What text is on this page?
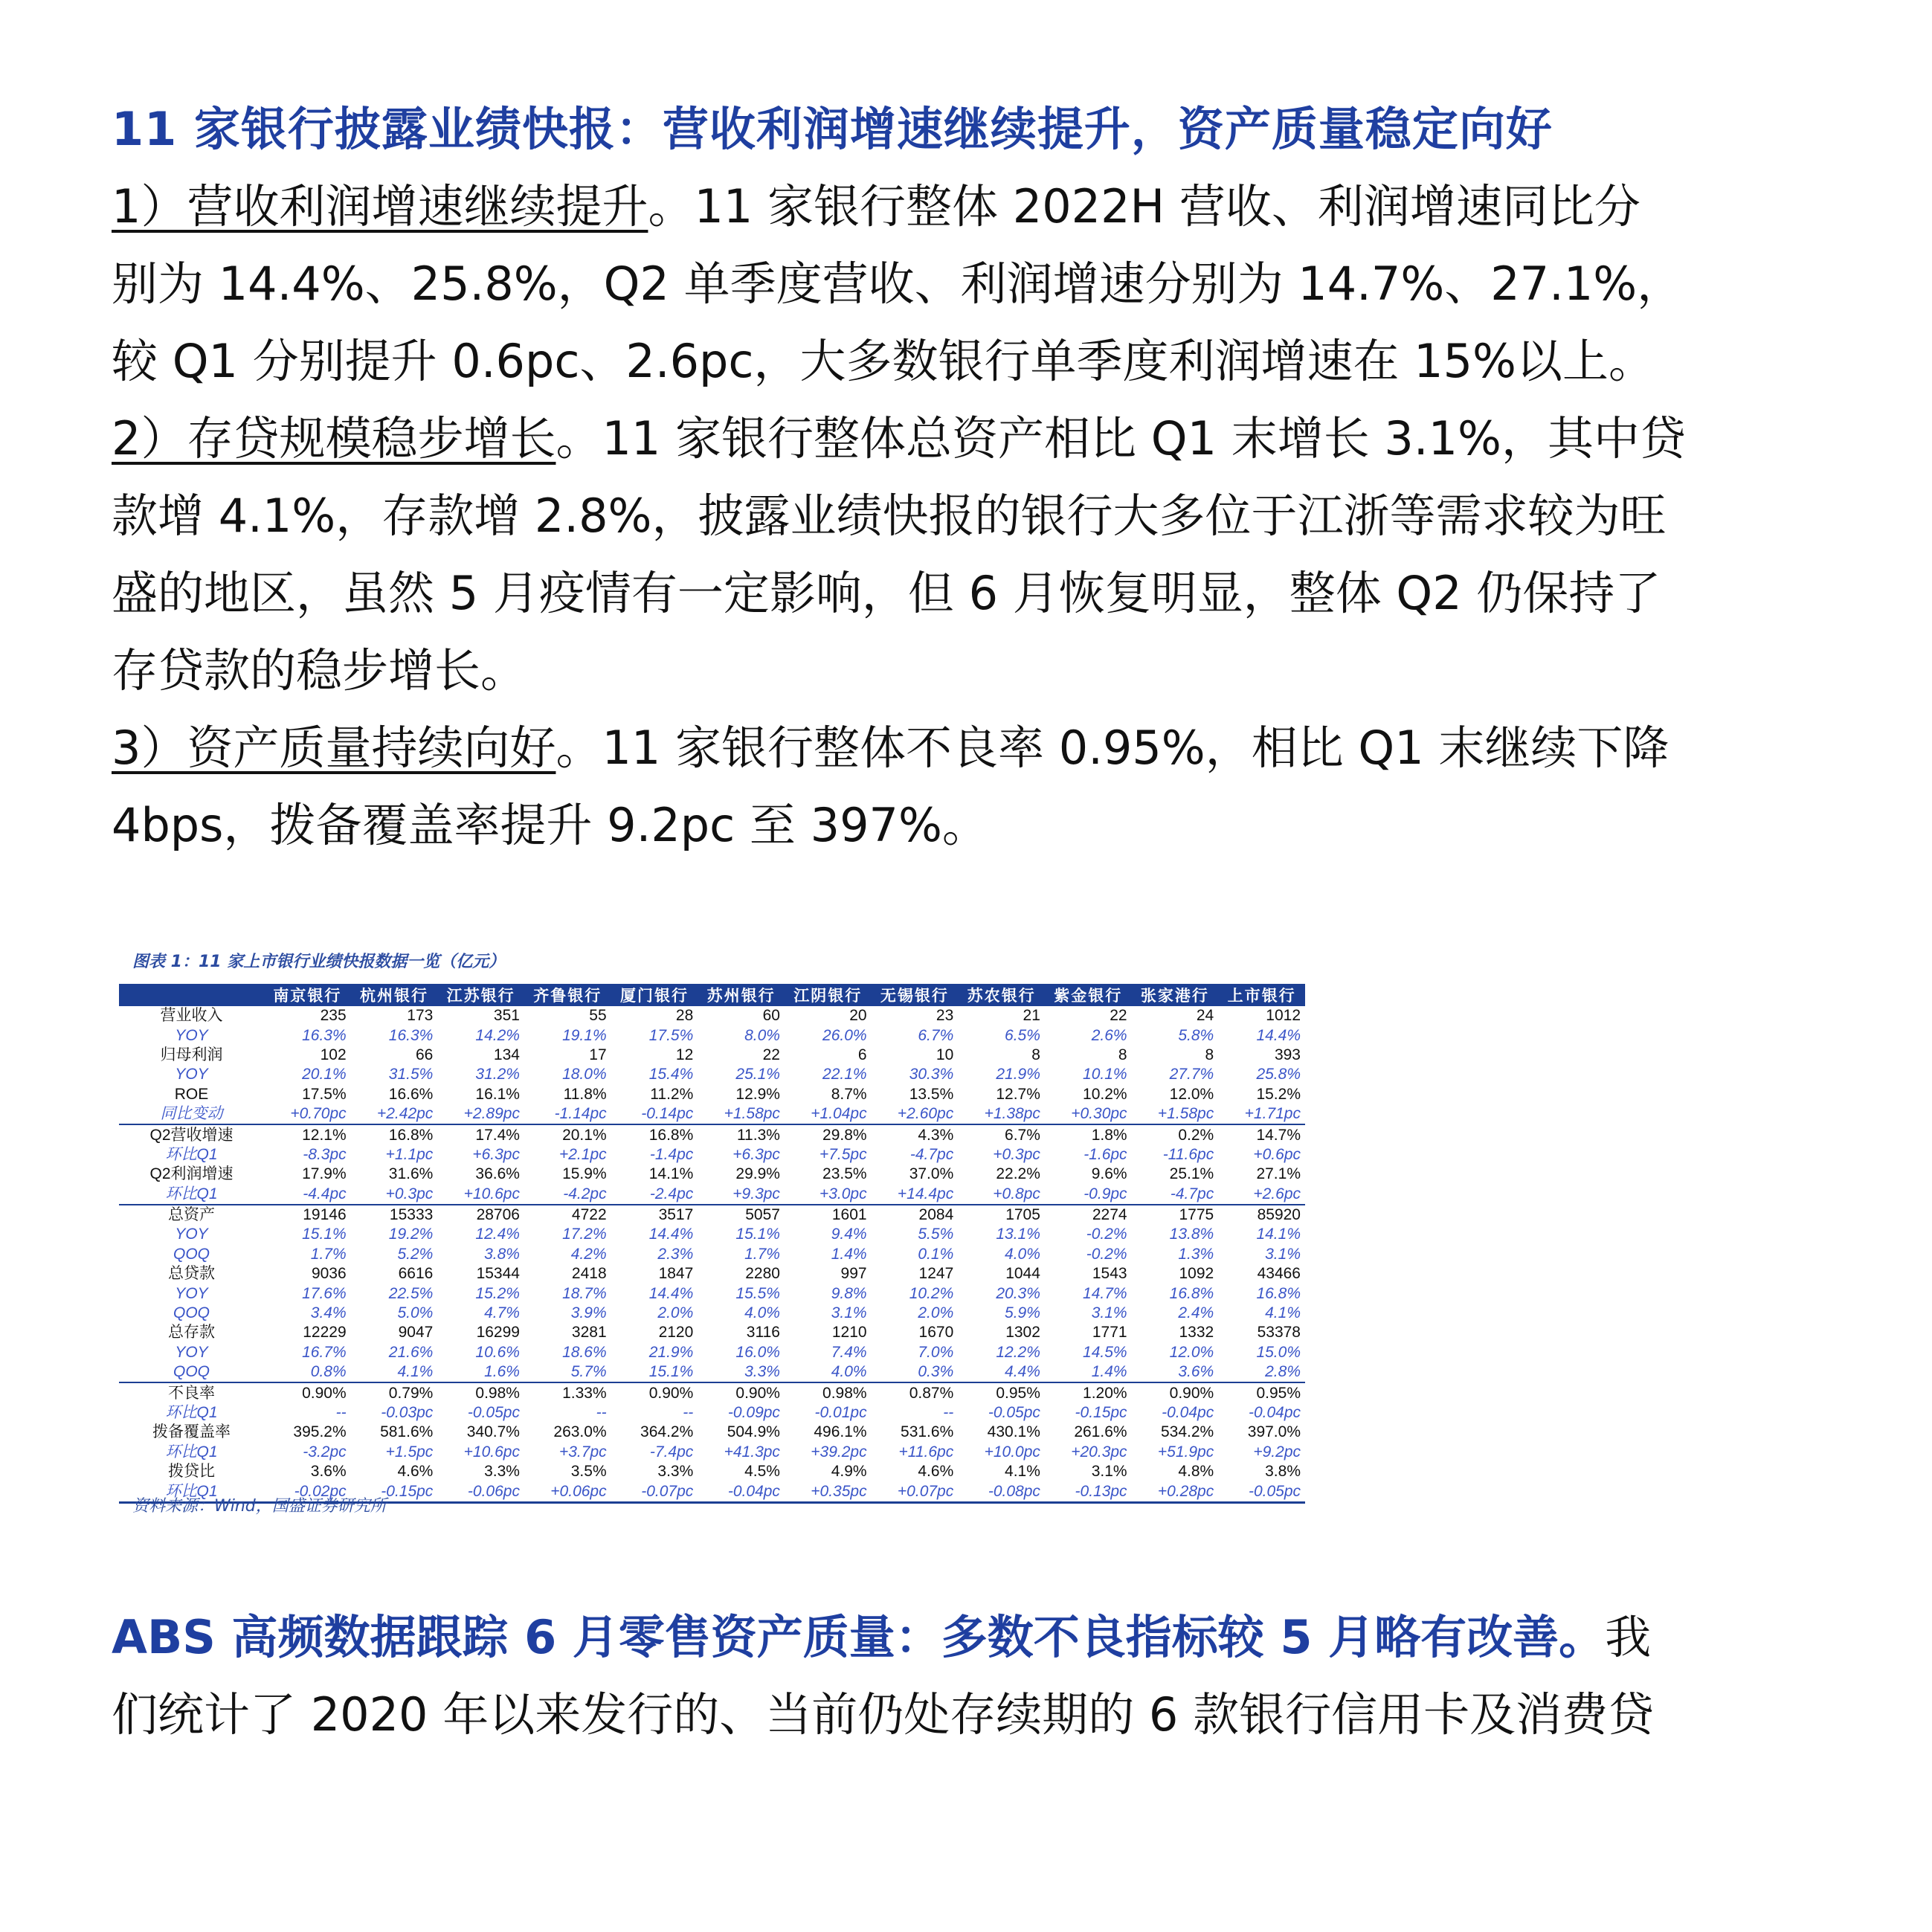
11 家银行披露业绩快报：营收利润增速继续提升，资产质量稳定向好
1）营收利润增速继续提升。11 家银行整体 2022H 营收、利润增速同比分
别为 14.4%、25.8%，Q2 单季度营收、利润增速分别为 14.7%、27.1%，
较 Q1 分别提升 0.6pc、2.6pc，大多数银行单季度利润增速在 15%以上。
2）存贷规模稳步增长。11 家银行整体总资产相比 Q1 末增长 3.1%，其中贷
款增 4.1%，存款增 2.8%，披露业绩快报的银行大多位于江浙等需求较为旺
盛的地区，虽然 5 月疫情有一定影响，但 6 月恢复明显，整体 Q2 仍保持了
存贷款的稳步增长。
3）资产质量持续向好。11 家银行整体不良率 0.95%，相比 Q1 末继续下降
4bps，拨备覆盖率提升 9.2pc 至 397%。
图表 1：11 家上市银行业绩快报数据一览（亿元）
	南京银行	杭州银行	江苏银行	齐鲁银行	厦门银行	苏州银行	江阴银行	无锡银行	苏农银行	紫金银行	张家港行	上市银行
营业收入	235	173	351	55	28	60	20	23	21	22	24	1012
YOY	16.3%	16.3%	14.2%	19.1%	17.5%	8.0%	26.0%	6.7%	6.5%	2.6%	5.8%	14.4%
归母利润	102	66	134	17	12	22	6	10	8	8	8	393
YOY	20.1%	31.5%	31.2%	18.0%	15.4%	25.1%	22.1%	30.3%	21.9%	10.1%	27.7%	25.8%
ROE	17.5%	16.6%	16.1%	11.8%	11.2%	12.9%	8.7%	13.5%	12.7%	10.2%	12.0%	15.2%
同比变动	+0.70pc	+2.42pc	+2.89pc	-1.14pc	-0.14pc	+1.58pc	+1.04pc	+2.60pc	+1.38pc	+0.30pc	+1.58pc	+1.71pc
Q2营收增速	12.1%	16.8%	17.4%	20.1%	16.8%	11.3%	29.8%	4.3%	6.7%	1.8%	0.2%	14.7%
环比Q1	-8.3pc	+1.1pc	+6.3pc	+2.1pc	-1.4pc	+6.3pc	+7.5pc	-4.7pc	+0.3pc	-1.6pc	-11.6pc	+0.6pc
Q2利润增速	17.9%	31.6%	36.6%	15.9%	14.1%	29.9%	23.5%	37.0%	22.2%	9.6%	25.1%	27.1%
环比Q1	-4.4pc	+0.3pc	+10.6pc	-4.2pc	-2.4pc	+9.3pc	+3.0pc	+14.4pc	+0.8pc	-0.9pc	-4.7pc	+2.6pc
总资产	19146	15333	28706	4722	3517	5057	1601	2084	1705	2274	1775	85920
YOY	15.1%	19.2%	12.4%	17.2%	14.4%	15.1%	9.4%	5.5%	13.1%	-0.2%	13.8%	14.1%
QOQ	1.7%	5.2%	3.8%	4.2%	2.3%	1.7%	1.4%	0.1%	4.0%	-0.2%	1.3%	3.1%
总贷款	9036	6616	15344	2418	1847	2280	997	1247	1044	1543	1092	43466
YOY	17.6%	22.5%	15.2%	18.7%	14.4%	15.5%	9.8%	10.2%	20.3%	14.7%	16.8%	16.8%
QOQ	3.4%	5.0%	4.7%	3.9%	2.0%	4.0%	3.1%	2.0%	5.9%	3.1%	2.4%	4.1%
总存款	12229	9047	16299	3281	2120	3116	1210	1670	1302	1771	1332	53378
YOY	16.7%	21.6%	10.6%	18.6%	21.9%	16.0%	7.4%	7.0%	12.2%	14.5%	12.0%	15.0%
QOQ	0.8%	4.1%	1.6%	5.7%	15.1%	3.3%	4.0%	0.3%	4.4%	1.4%	3.6%	2.8%
不良率	0.90%	0.79%	0.98%	1.33%	0.90%	0.90%	0.98%	0.87%	0.95%	1.20%	0.90%	0.95%
环比Q1	--	-0.03pc	-0.05pc	--	--	-0.09pc	-0.01pc	--	-0.05pc	-0.15pc	-0.04pc	-0.04pc
拨备覆盖率	395.2%	581.6%	340.7%	263.0%	364.2%	504.9%	496.1%	531.6%	430.1%	261.6%	534.2%	397.0%
环比Q1	-3.2pc	+1.5pc	+10.6pc	+3.7pc	-7.4pc	+41.3pc	+39.2pc	+11.6pc	+10.0pc	+20.3pc	+51.9pc	+9.2pc
拨贷比	3.6%	4.6%	3.3%	3.5%	3.3%	4.5%	4.9%	4.6%	4.1%	3.1%	4.8%	3.8%
环比Q1	-0.02pc	-0.15pc	-0.06pc	+0.06pc	-0.07pc	-0.04pc	+0.35pc	+0.07pc	-0.08pc	-0.13pc	+0.28pc	-0.05pc
资料来源：Wind，国盛证券研究所
ABS 高频数据跟踪 6 月零售资产质量：多数不良指标较 5 月略有改善。我
们统计了 2020 年以来发行的、当前仍处存续期的 6 款银行信用卡及消费贷
